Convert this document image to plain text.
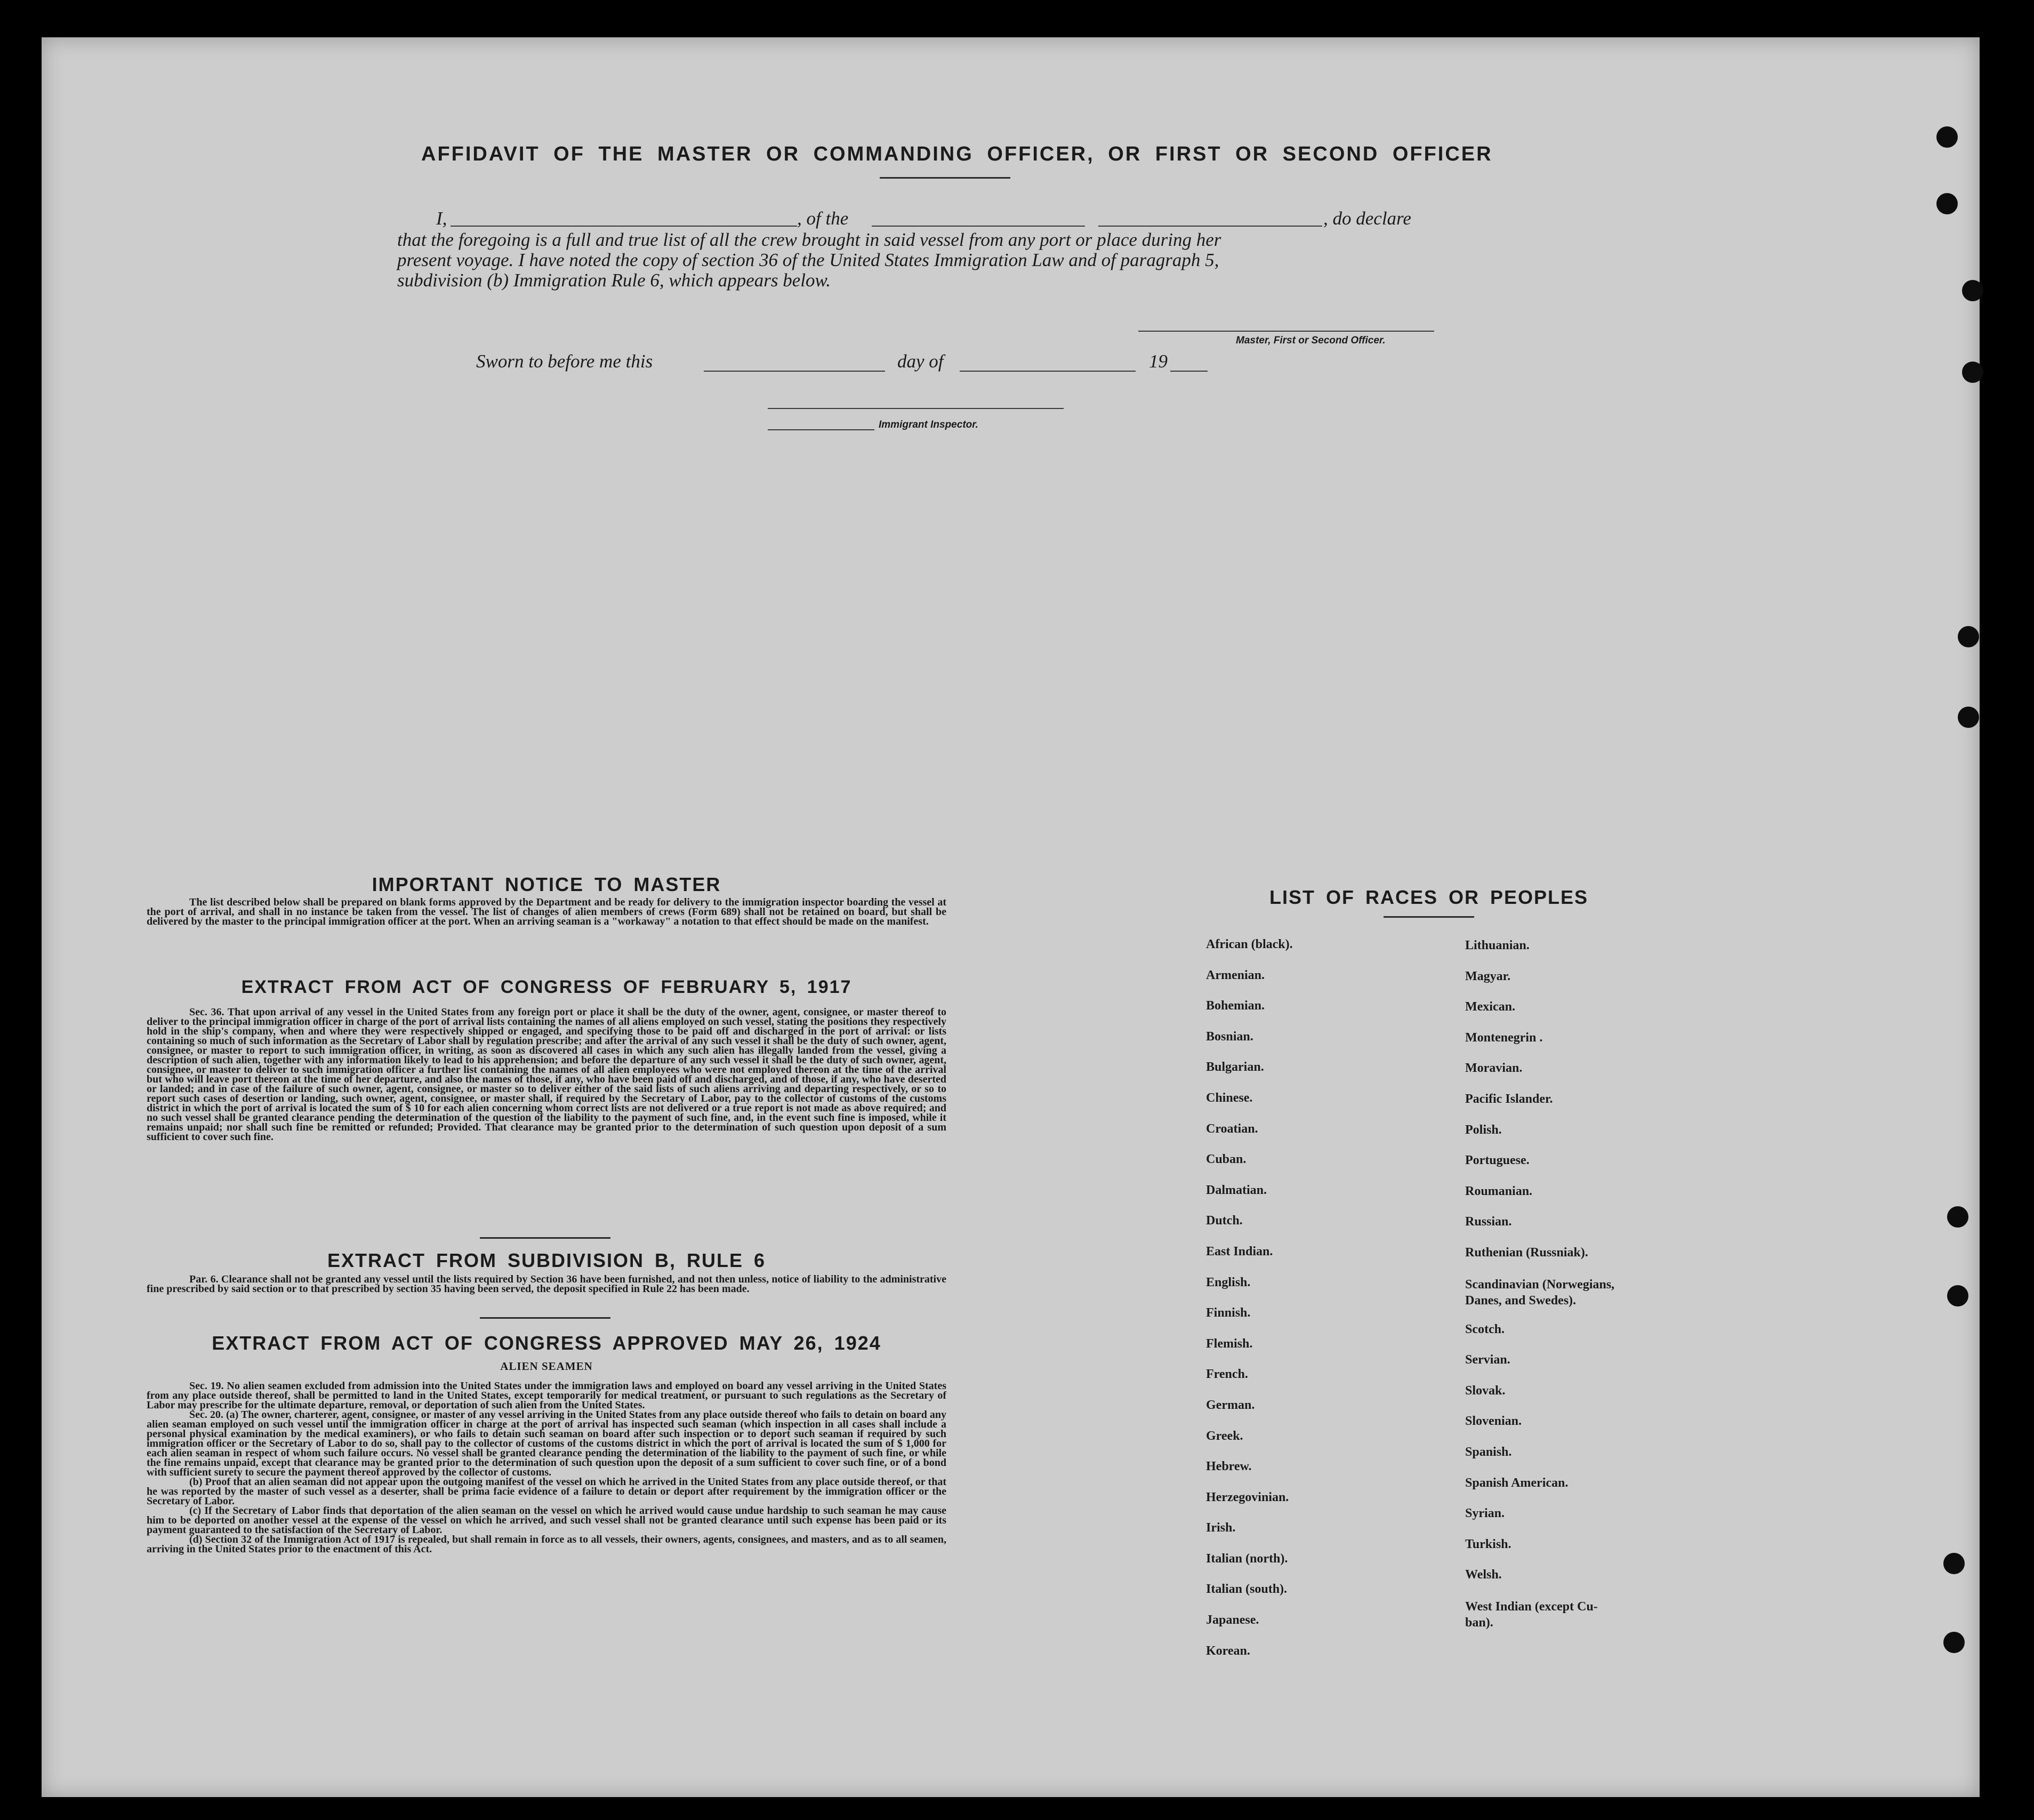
AFFIDAVIT OF THE MASTER OR COMMANDING OFFICER, OR FIRST OR SECOND OFFICER
I,	, of the	, do declare
that the foregoing is a full and true list of all the crew brought in said vessel from any port or place during her
present voyage. I have noted the copy of section 36 of the United States Immigration Law and of paragraph 5,
subdivision (b) Immigration Rule 6, which appears below.
Master, First or Second Officer.
Sworn to before me this	day of	19
Immigrant Inspector.
IMPORTANT NOTICE TO MASTER

The list described below shall be prepared on blank forms approved by the Department and be ready for delivery to the immigration inspector boarding the vessel at the port of arrival, and shall in no instance be taken from the vessel. The list of changes of alien members of crews (Form 689) shall not be retained on board, but shall be delivered by the master to the principal immigration officer at the port. When an arriving seaman is a "workaway" a notation to that effect should be made on the manifest.

EXTRACT FROM ACT OF CONGRESS OF FEBRUARY 5, 1917

Sec. 36. That upon arrival of any vessel in the United States from any foreign port or place it shall be the duty of the owner, agent, consignee, or master thereof to deliver to the principal immigration officer in charge of the port of arrival lists containing the names of all aliens employed on such vessel, stating the positions they respectively hold in the ship's company, when and where they were respectively shipped or engaged, and specifying those to be paid off and discharged in the port of arrival: or lists containing so much of such information as the Secretary of Labor shall by regulation prescribe; and after the arrival of any such vessel it shall be the duty of such owner, agent, consignee, or master to report to such immigration officer, in writing, as soon as discovered all cases in which any such alien has illegally landed from the vessel, giving a description of such alien, together with any information likely to lead to his apprehension; and before the departure of any such vessel it shall be the duty of such owner, agent, consignee, or master to deliver to such immigration officer a further list containing the names of all alien employees who were not employed thereon at the time of the arrival but who will leave port thereon at the time of her departure, and also the names of those, if any, who have been paid off and discharged, and of those, if any, who have deserted or landed; and in case of the failure of such owner, agent, consignee, or master so to deliver either of the said lists of such aliens arriving and departing respectively, or so to report such cases of desertion or landing, such owner, agent, consignee, or master shall, if required by the Secretary of Labor, pay to the collector of customs of the customs district in which the port of arrival is located the sum of $ 10 for each alien concerning whom correct lists are not delivered or a true report is not made as above required; and no such vessel shall be granted clearance pending the determination of the question of the liability to the payment of such fine, and, in the event such fine is imposed, while it remains unpaid; nor shall such fine be remitted or refunded; Provided. That clearance may be granted prior to the determination of such question upon deposit of a sum sufficient to cover such fine.

EXTRACT FROM SUBDIVISION B, RULE 6

Par. 6. Clearance shall not be granted any vessel until the lists required by Section 36 have been furnished, and not then unless, notice of liability to the administrative fine prescribed by said section or to that prescribed by section 35 having been served, the deposit specified in Rule 22 has been made.

EXTRACT FROM ACT OF CONGRESS APPROVED MAY 26, 1924
ALIEN SEAMEN

Sec. 19. No alien seamen excluded from admission into the United States under the immigration laws and employed on board any vessel arriving in the United States from any place outside thereof, shall be permitted to land in the United States, except temporarily for medical treatment, or pursuant to such regulations as the Secretary of Labor may prescribe for the ultimate departure, removal, or deportation of such alien from the United States.

Sec. 20. (a) The owner, charterer, agent, consignee, or master of any vessel arriving in the United States from any place outside thereof who fails to detain on board any alien seaman employed on such vessel until the immigration officer in charge at the port of arrival has inspected such seaman (which inspection in all cases shall include a personal physical examination by the medical examiners), or who fails to detain such seaman on board after such inspection or to deport such seaman if required by such immigration officer or the Secretary of Labor to do so, shall pay to the collector of customs of the customs district in which the port of arrival is located the sum of $ 1,000 for each alien seaman in respect of whom such failure occurs. No vessel shall be granted clearance pending the determination of the liability to the payment of such fine, or while the fine remains unpaid, except that clearance may be granted prior to the determination of such question upon the deposit of a sum sufficient to cover such fine, or of a bond with sufficient surety to secure the payment thereof approved by the collector of customs.

(b) Proof that an alien seaman did not appear upon the outgoing manifest of the vessel on which he arrived in the United States from any place outside thereof, or that he was reported by the master of such vessel as a deserter, shall be prima facie evidence of a failure to detain or deport after requirement by the immigration officer or the Secretary of Labor.

(c) If the Secretary of Labor finds that deportation of the alien seaman on the vessel on which he arrived would cause undue hardship to such seaman he may cause him to be deported on another vessel at the expense of the vessel on which he arrived, and such vessel shall not be granted clearance until such expense has been paid or its payment guaranteed to the satisfaction of the Secretary of Labor.

(d) Section 32 of the Immigration Act of 1917 is repealed, but shall remain in force as to all vessels, their owners, agents, consignees, and masters, and as to all seamen, arriving in the United States prior to the enactment of this Act.

LIST OF RACES OR PEOPLES
African (black).
Armenian.
Bohemian.
Bosnian.
Bulgarian.
Chinese.
Croatian.
Cuban.
Dalmatian.
Dutch.
East Indian.
English.
Finnish.
Flemish.
French.
German.
Greek.
Hebrew.
Herzegovinian.
Irish.
Italian (north).
Italian (south).
Japanese.
Korean.
Lithuanian.
Magyar.
Mexican.
Montenegrin .
Moravian.
Pacific Islander.
Polish.
Portuguese.
Roumanian.
Russian.
Ruthenian (Russniak).
Scandinavian (Norwegians,
Danes, and Swedes).
Scotch.
Servian.
Slovak.
Slovenian.
Spanish.
Spanish American.
Syrian.
Turkish.
Welsh.
West Indian (except Cu-
ban).
